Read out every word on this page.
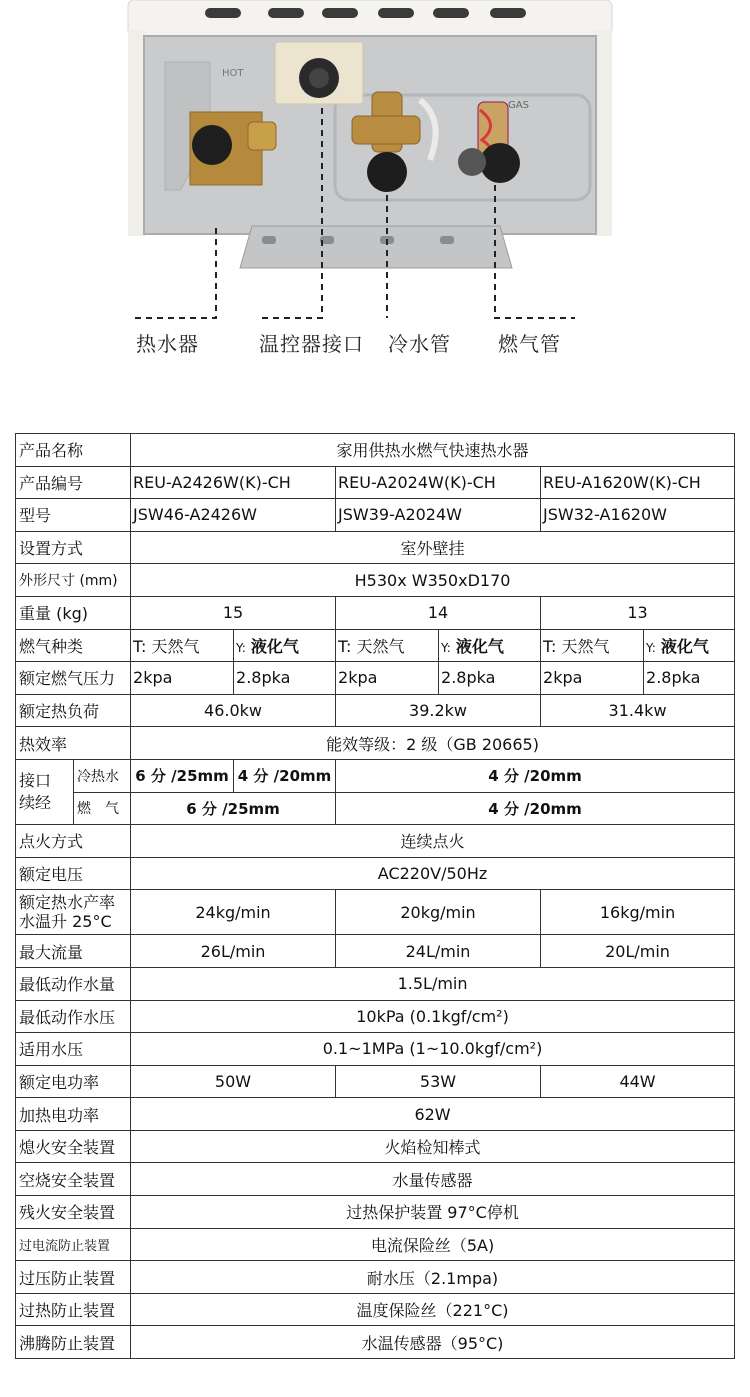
HOT
GAS
热水器	温控器接口 冷水管 燃气管
产品名称		家用供热水燃气快速热水器					
产品编号		REU-A2426W(K)-CH		REU-A2024W(K)-CH		REU-A1620W(K)-CH	
型号		JSW46-A2426W		JSW39-A2024W		JSW32-A1620W	
设置方式		室外壁挂					
外形尺寸 (mm)		H530x W350xD170					
重量 (kg)		15		14		13	
燃气种类		T: 天然气	Y: 液化气	T: 天然气	Y: 液化气	T: 天然气	Y: 液化气
额定燃气压力		2kpa	2.8pka	2kpa	2.8pka	2kpa	2.8pka
额定热负荷		46.0kw		39.2kw		31.4kw	
热效率		能效等级：2 级（GB 20665)					

接口
续经	冷热水	6 分 /25mm	4 分 /20mm	4 分 /20mm			
	燃　气	6 分 /25mm		4 分 /20mm			
点火方式		连续点火					
额定电压		AC220V/50Hz					

额定热水产率
水温升 25°C		24kg/min		20kg/min		16kg/min	
最大流量		26L/min		24L/min		20L/min	
最低动作水量		1.5L/min					
最低动作水压		10kPa (0.1kgf/cm²)					
适用水压		0.1~1MPa (1~10.0kgf/cm²)					
额定电功率		50W		53W		44W	
加热电功率		62W					
熄火安全装置		火焰检知棒式					
空烧安全装置		水量传感器					
残火安全装置		过热保护装置 97°C停机					
过电流防止装置		电流保险丝（5A)					
过压防止装置		耐水压（2.1mpa)					
过热防止装置		温度保险丝（221°C)					
沸腾防止装置		水温传感器（95°C)					
